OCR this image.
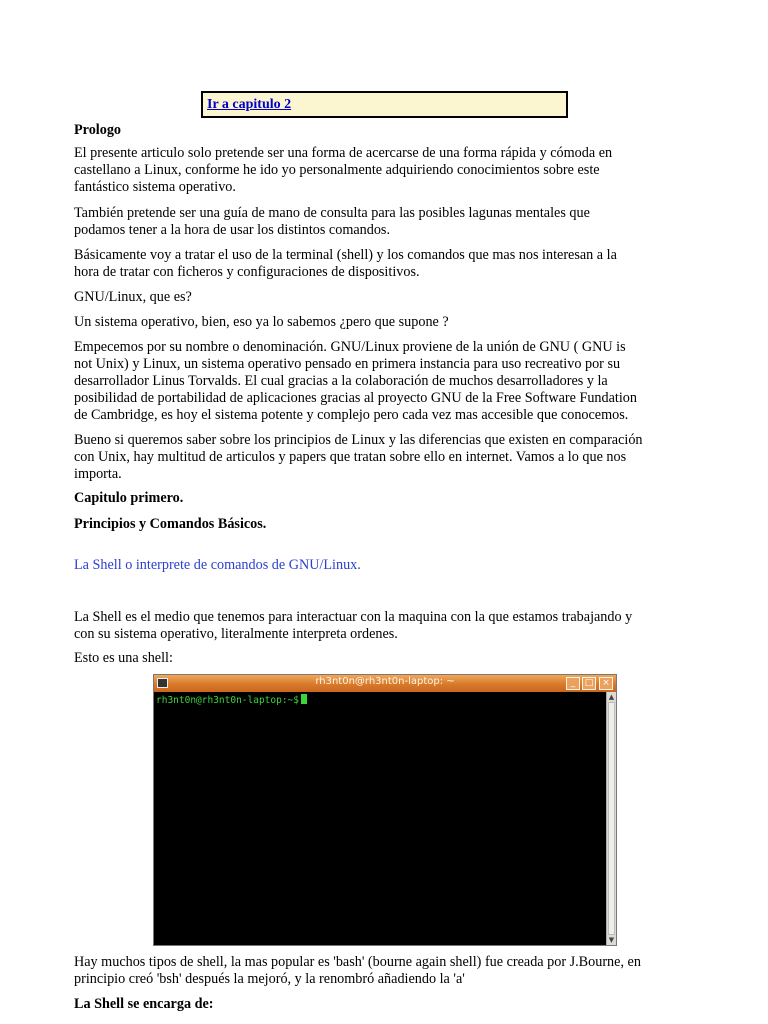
Ir a capitulo 2

Prologo

El presente articulo solo pretende ser una forma de acercarse de una forma rápida y cómoda en

castellano a Linux, conforme he ido yo personalmente adquiriendo conocimientos sobre este

fantástico sistema operativo.

También pretende ser una guía de mano de consulta para las posibles lagunas mentales que

podamos tener a la hora de usar los distintos comandos.

Básicamente voy a tratar el uso de la terminal (shell) y los comandos que mas nos interesan a la

hora de tratar con ficheros y configuraciones de dispositivos.

GNU/Linux, que es?

Un sistema operativo, bien, eso ya lo sabemos ¿pero que supone ?

Empecemos por su nombre o denominación. GNU/Linux proviene de la unión de GNU ( GNU is

not Unix) y Linux, un sistema operativo pensado en primera instancia para uso recreativo por su

desarrollador Linus Torvalds. El cual gracias a la colaboración de muchos desarrolladores y la

posibilidad de portabilidad de aplicaciones gracias al proyecto GNU de la Free Software Fundation

de Cambridge, es hoy el sistema potente y complejo pero cada vez mas accesible que conocemos.

Bueno si queremos saber sobre los principios de Linux y las diferencias que existen en comparación

con Unix, hay multitud de articulos y papers que tratan sobre ello en internet. Vamos a lo que nos

importa.

Capitulo primero.

Principios y Comandos Básicos.

La Shell o interprete de comandos de GNU/Linux.

La Shell es el medio que tenemos para interactuar con la maquina con la que estamos trabajando y

con su sistema operativo, literalmente interpreta ordenes.

Esto es una shell:

rh3nt0n@rh3nt0n-laptop: ~	_	□ ×
rh3nt0n@rh3nt0n-laptop:~$	▲
▼

Hay muchos tipos de shell, la mas popular es 'bash' (bourne again shell) fue creada por J.Bourne, en

principio creó 'bsh' después la mejoró, y la renombró añadiendo la 'a'

La Shell se encarga de:
